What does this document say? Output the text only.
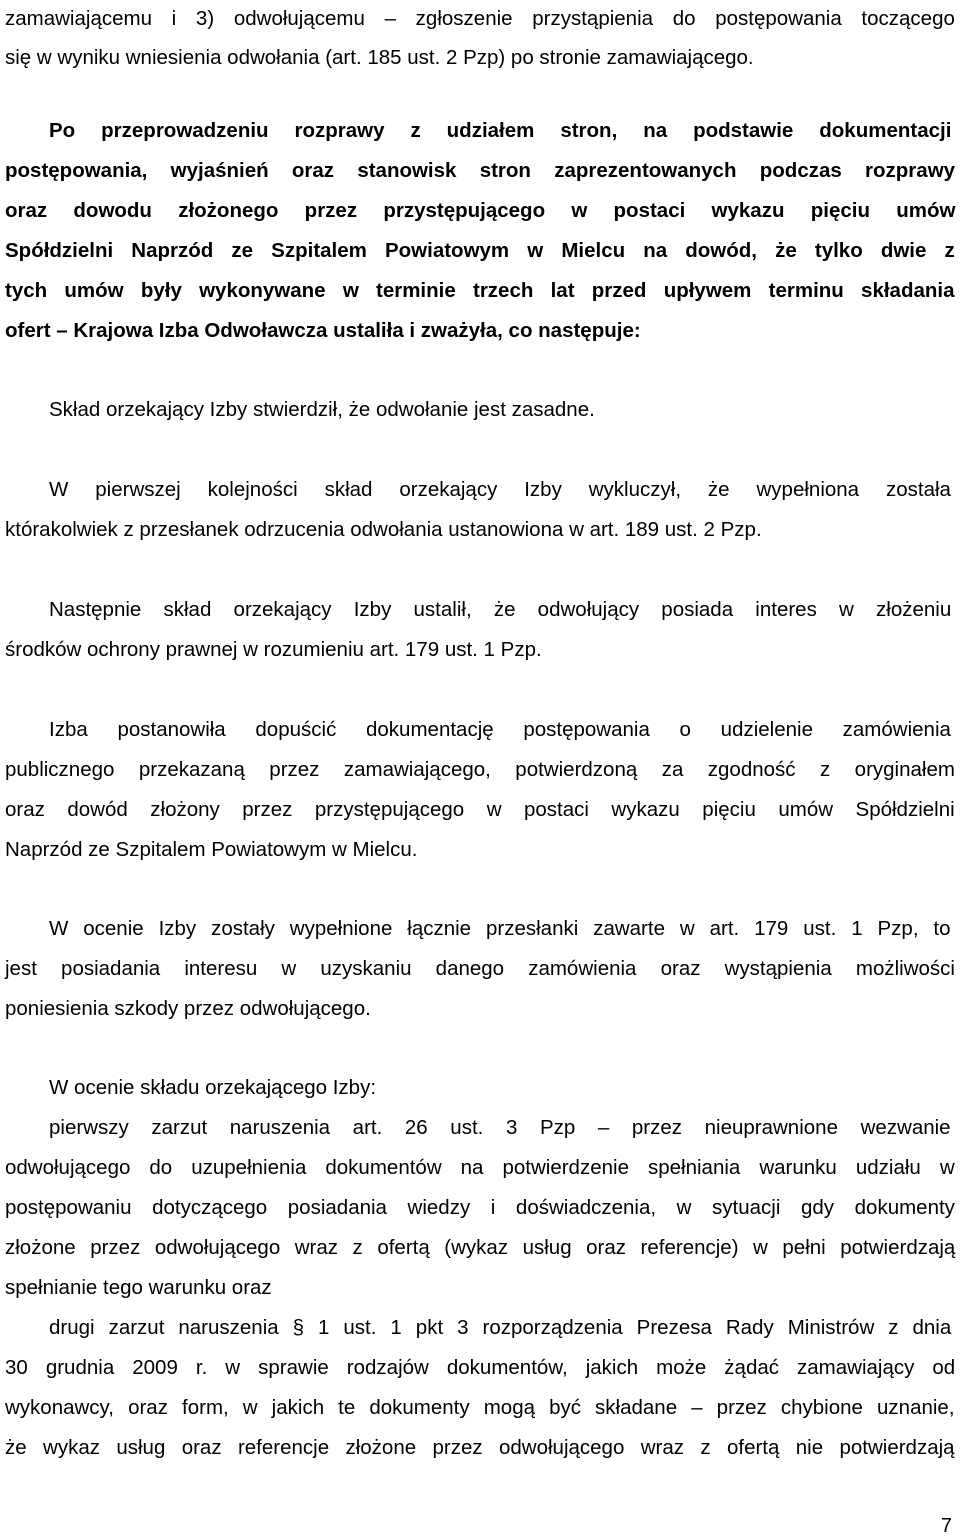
zamawiającemu i 3) odwołującemu – zgłoszenie przystąpienia do postępowania toczącego
się w wyniku wniesienia odwołania (art. 185 ust. 2 Pzp) po stronie zamawiającego.
Po przeprowadzeniu rozprawy z udziałem stron, na podstawie dokumentacji
postępowania, wyjaśnień oraz stanowisk stron zaprezentowanych podczas rozprawy
oraz dowodu złożonego przez przystępującego w postaci wykazu pięciu umów
Spółdzielni Naprzód ze Szpitalem Powiatowym w Mielcu na dowód, że tylko dwie z
tych umów były wykonywane w terminie trzech lat przed upływem terminu składania
ofert – Krajowa Izba Odwoławcza ustaliła i zważyła, co następuje:
Skład orzekający Izby stwierdził, że odwołanie jest zasadne.
W pierwszej kolejności skład orzekający Izby wykluczył, że wypełniona została
którakolwiek z przesłanek odrzucenia odwołania ustanowiona w art. 189 ust. 2 Pzp.
Następnie skład orzekający Izby ustalił, że odwołujący posiada interes w złożeniu
środków ochrony prawnej w rozumieniu art. 179 ust. 1 Pzp.
Izba postanowiła dopuścić dokumentację postępowania o udzielenie zamówienia
publicznego przekazaną przez zamawiającego, potwierdzoną za zgodność z oryginałem
oraz dowód złożony przez przystępującego w postaci wykazu pięciu umów Spółdzielni
Naprzód ze Szpitalem Powiatowym w Mielcu.
W ocenie Izby zostały wypełnione łącznie przesłanki zawarte w art. 179 ust. 1 Pzp, to
jest posiadania interesu w uzyskaniu danego zamówienia oraz wystąpienia możliwości
poniesienia szkody przez odwołującego.
W ocenie składu orzekającego Izby:
pierwszy zarzut naruszenia art. 26 ust. 3 Pzp – przez nieuprawnione wezwanie
odwołującego do uzupełnienia dokumentów na potwierdzenie spełniania warunku udziału w
postępowaniu dotyczącego posiadania wiedzy i doświadczenia, w sytuacji gdy dokumenty
złożone przez odwołującego wraz z ofertą (wykaz usług oraz referencje) w pełni potwierdzają
spełnianie tego warunku oraz
drugi zarzut naruszenia § 1 ust. 1 pkt 3 rozporządzenia Prezesa Rady Ministrów z dnia
30 grudnia 2009 r. w sprawie rodzajów dokumentów, jakich może żądać zamawiający od
wykonawcy, oraz form, w jakich te dokumenty mogą być składane – przez chybione uznanie,
że wykaz usług oraz referencje złożone przez odwołującego wraz z ofertą nie potwierdzają
7
